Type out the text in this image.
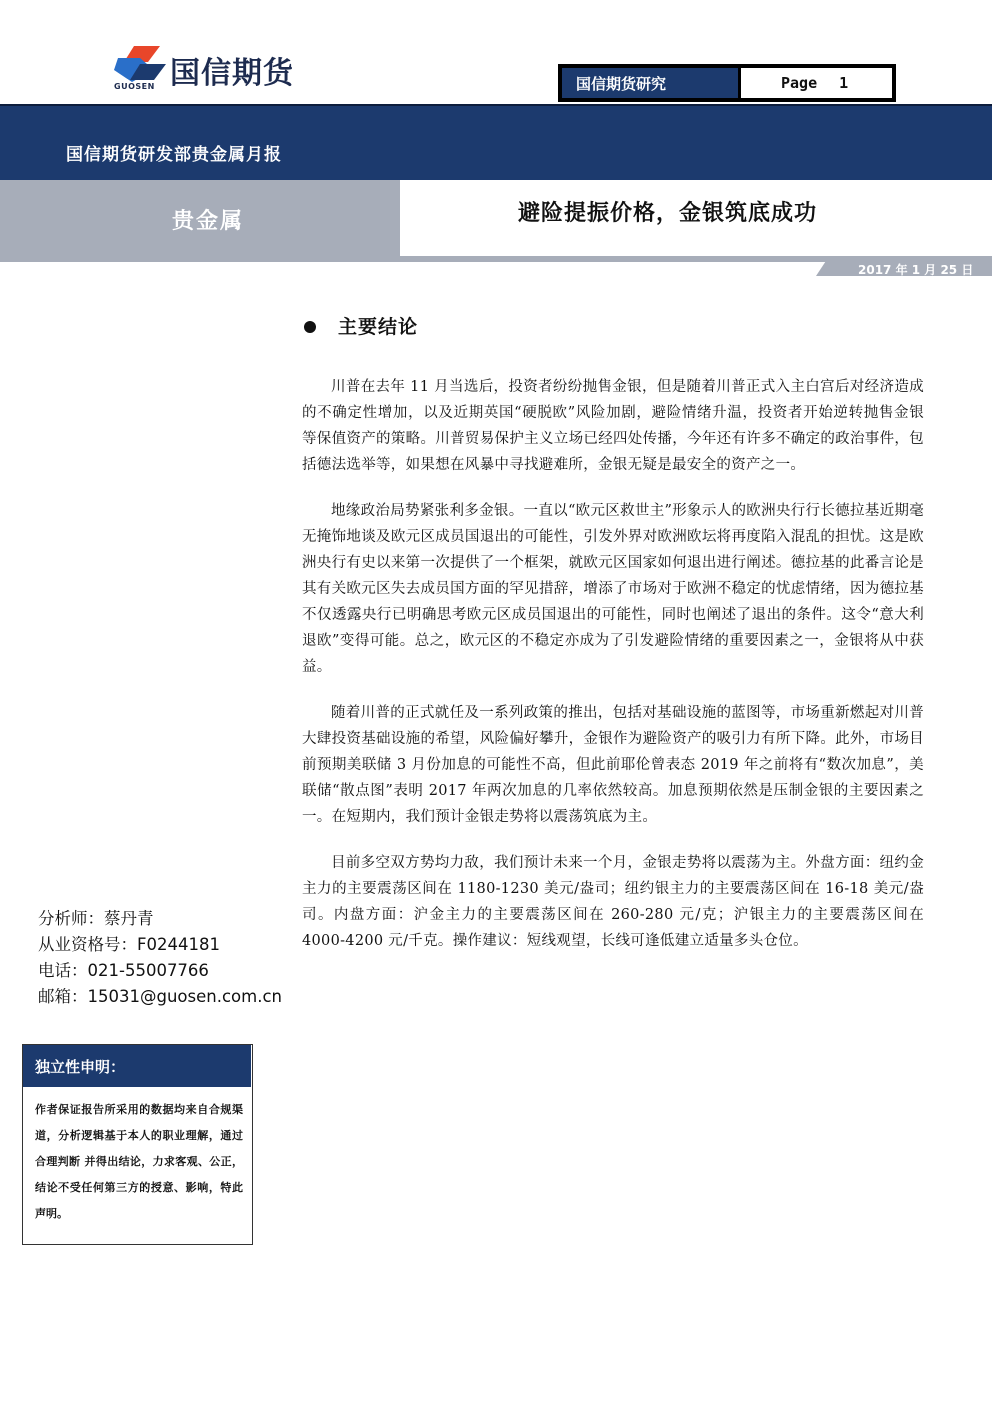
国信期货
GUOSEN	国信期货研究	Page 1
国信期货研发部贵金属月报
贵金属	避险提振价格，金银筑底成功
2017 年 1 月 25 日
主要结论

川普在去年 11 月当选后，投资者纷纷抛售金银，但是随着川普正式入主白宫后对经济造成的不确定性增加，以及近期英国“硬脱欧”风险加剧，避险情绪升温，投资者开始逆转抛售金银等保值资产的策略。川普贸易保护主义立场已经四处传播，今年还有许多不确定的政治事件，包括德法选举等，如果想在风暴中寻找避难所，金银无疑是最安全的资产之一。

地缘政治局势紧张利多金银。一直以“欧元区救世主”形象示人的欧洲央行行长德拉基近期毫无掩饰地谈及欧元区成员国退出的可能性，引发外界对欧洲欧坛将再度陷入混乱的担忧。这是欧洲央行有史以来第一次提供了一个框架，就欧元区国家如何退出进行阐述。德拉基的此番言论是其有关欧元区失去成员国方面的罕见措辞，增添了市场对于欧洲不稳定的忧虑情绪，因为德拉基不仅透露央行已明确思考欧元区成员国退出的可能性，同时也阐述了退出的条件。这令“意大利退欧”变得可能。总之，欧元区的不稳定亦成为了引发避险情绪的重要因素之一，金银将从中获益。

随着川普的正式就任及一系列政策的推出，包括对基础设施的蓝图等，市场重新燃起对川普大肆投资基础设施的希望，风险偏好攀升，金银作为避险资产的吸引力有所下降。此外，市场目前预期美联储 3 月份加息的可能性不高，但此前耶伦曾表态 2019 年之前将有“数次加息”，美联储“散点图”表明 2017 年两次加息的几率依然较高。加息预期依然是压制金银的主要因素之一。在短期内，我们预计金银走势将以震荡筑底为主。

目前多空双方势均力敌，我们预计未来一个月，金银走势将以震荡为主。外盘方面：纽约金主力的主要震荡区间在 1180-1230 美元/盎司；纽约银主力的主要震荡区间在 16-18 美元/盎司。内盘方面：沪金主力的主要震荡区间在 260-280 元/克；沪银主力的主要震荡区间在 4000-4200 元/千克。操作建议：短线观望，长线可逢低建立适量多头仓位。

分析师：蔡丹青
从业资格号：F0244181
电话：021-55007766
邮箱：15031@guosen.com.cn
独立性申明：
作者保证报告所采用的数据均来自合规渠道，分析逻辑基于本人的职业理解，通过合理判断 并得出结论，力求客观、公正，结论不受任何第三方的授意、影响，特此声明。
